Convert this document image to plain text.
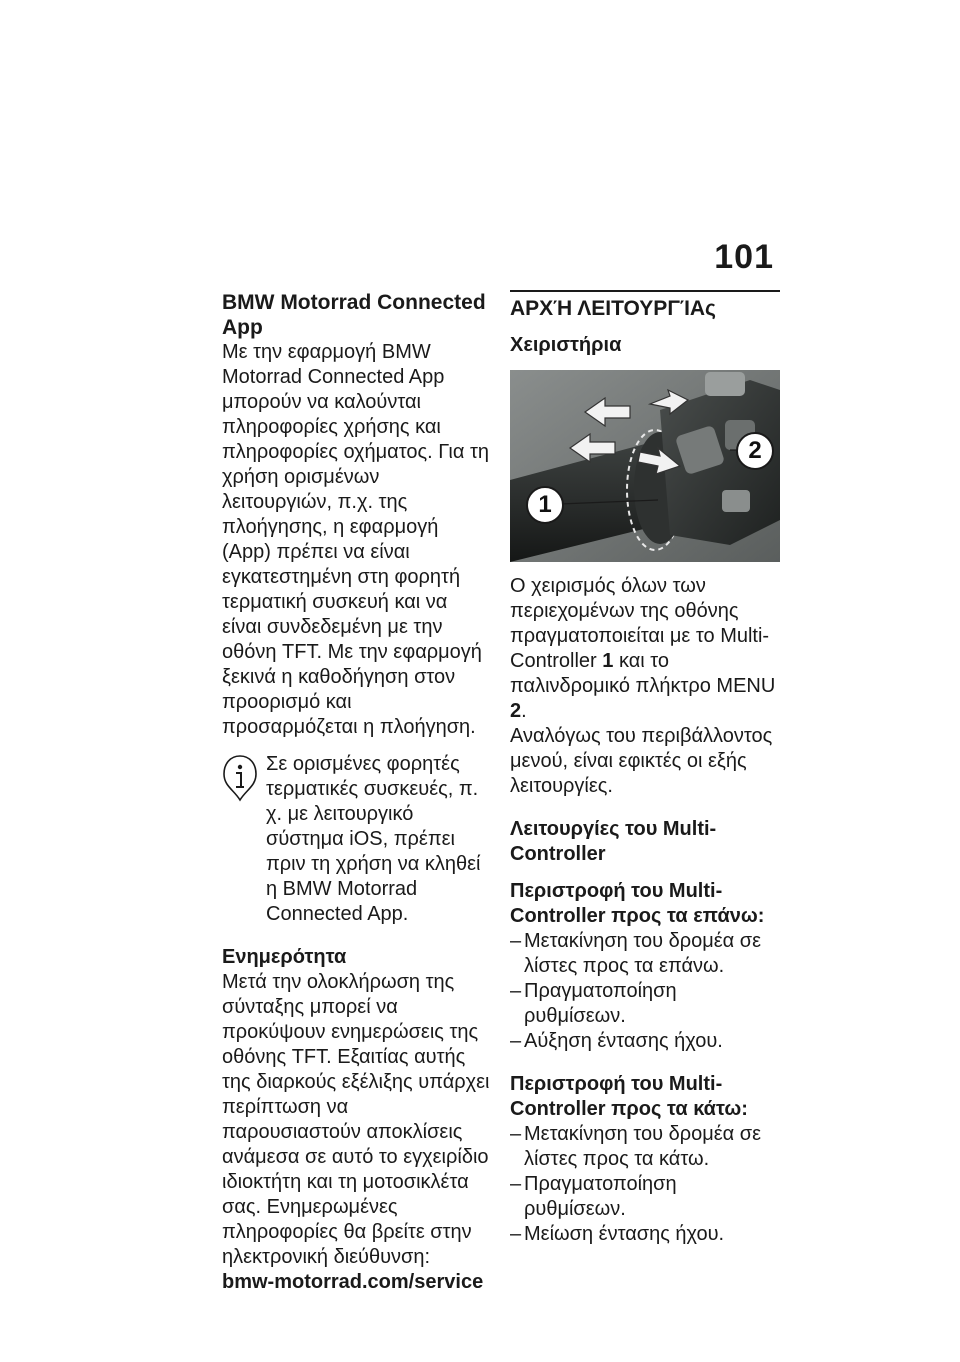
101
BMW Motorrad Connected App

Με την εφαρμογή BMW Motorrad Connected App μπορούν να καλούνται πληροφορίες χρήσης και πληροφορίες οχήματος. Για τη χρήση ορισμένων λειτουργιών, π.χ. της πλοήγησης, η εφαρμογή (App) πρέπει να είναι εγκατεστημένη στη φορητή τερματική συσκευή και να είναι συνδεδεμένη με την οθόνη TFT. Με την εφαρμογή ξεκινά η καθοδήγηση στον προορισμό και προσαρμόζεται η πλοήγηση.

Σε ορισμένες φορητές τερματικές συσκευές, π. χ. με λειτουργικό σύστημα iOS, πρέπει πριν τη χρήση να κληθεί η BMW Motorrad Connected App.

Ενημερότητα

Μετά την ολοκλήρωση της σύνταξης μπορεί να προκύψουν ενημερώσεις της οθόνης TFT. Εξαιτίας αυτής της διαρκούς εξέλιξης υπάρχει περίπτωση να παρουσιαστούν αποκλίσεις ανάμεσα σε αυτό το εγχειρίδιο ιδιοκτήτη και τη μοτοσικλέτα σας. Ενημερωμένες πληροφορίες θα βρείτε στην ηλεκτρονική διεύθυνση:

bmw-motorrad.com/service

ΑΡΧΉ ΛΕΙΤΟΥΡΓΊΑς
Χειριστήρια
1
2

Ο χειρισμός όλων των περιεχομένων της οθόνης πραγματοποιείται με το Multi-Controller 1 και το παλινδρομικό πλήκτρο MENU 2.

Αναλόγως του περιβάλλοντος μενού, είναι εφικτές οι εξής λειτουργίες.

Λειτουργίες του Multi-Controller
Περιστροφή του Multi-Controller προς τα επάνω:
– Μετακίνηση του δρομέα σε λίστες προς τα επάνω.
– Πραγματοποίηση ρυθμίσεων.
– Αύξηση έντασης ήχου.
Περιστροφή του Multi-Controller προς τα κάτω:
– Μετακίνηση του δρομέα σε λίστες προς τα κάτω.
– Πραγματοποίηση ρυθμίσεων.
– Μείωση έντασης ήχου.
